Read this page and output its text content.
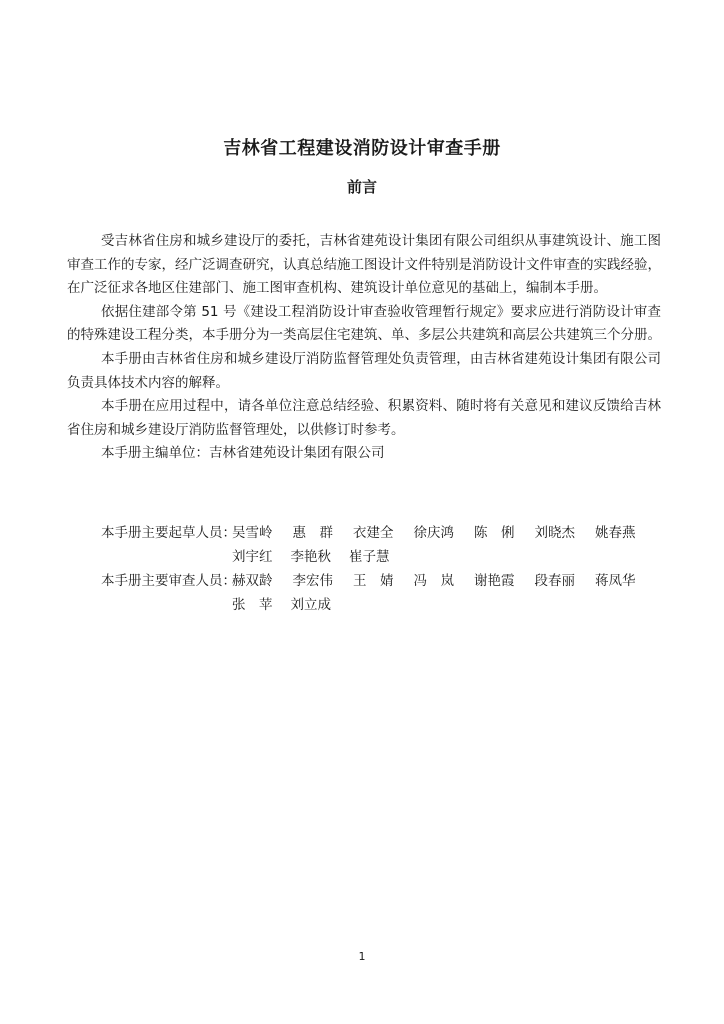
吉林省工程建设消防设计审查手册
前言

受吉林省住房和城乡建设厅的委托，吉林省建苑设计集团有限公司组织从事建筑设计、施工图审查工作的专家，经广泛调查研究，认真总结施工图设计文件特别是消防设计文件审查的实践经验，在广泛征求各地区住建部门、施工图审查机构、建筑设计单位意见的基础上，编制本手册。

依据住建部令第 51 号《建设工程消防设计审查验收管理暂行规定》要求应进行消防设计审查的特殊建设工程分类，本手册分为一类高层住宅建筑、单、多层公共建筑和高层公共建筑三个分册。

本手册由吉林省住房和城乡建设厅消防监督管理处负责管理，由吉林省建苑设计集团有限公司负责具体技术内容的解释。

本手册在应用过程中，请各单位注意总结经验、积累资料、随时将有关意见和建议反馈给吉林省住房和城乡建设厅消防监督管理处，以供修订时参考。

本手册主编单位：吉林省建苑设计集团有限公司

本手册主要起草人员：吴雪岭 惠　群 衣建全 徐庆鸿 陈　俐 刘晓杰 姚春燕
刘宇红 李艳秋 崔子慧
本手册主要审查人员：赫双龄 李宏伟 王　婧 冯　岚 谢艳霞 段春丽 蒋凤华
张　苹 刘立成
1
